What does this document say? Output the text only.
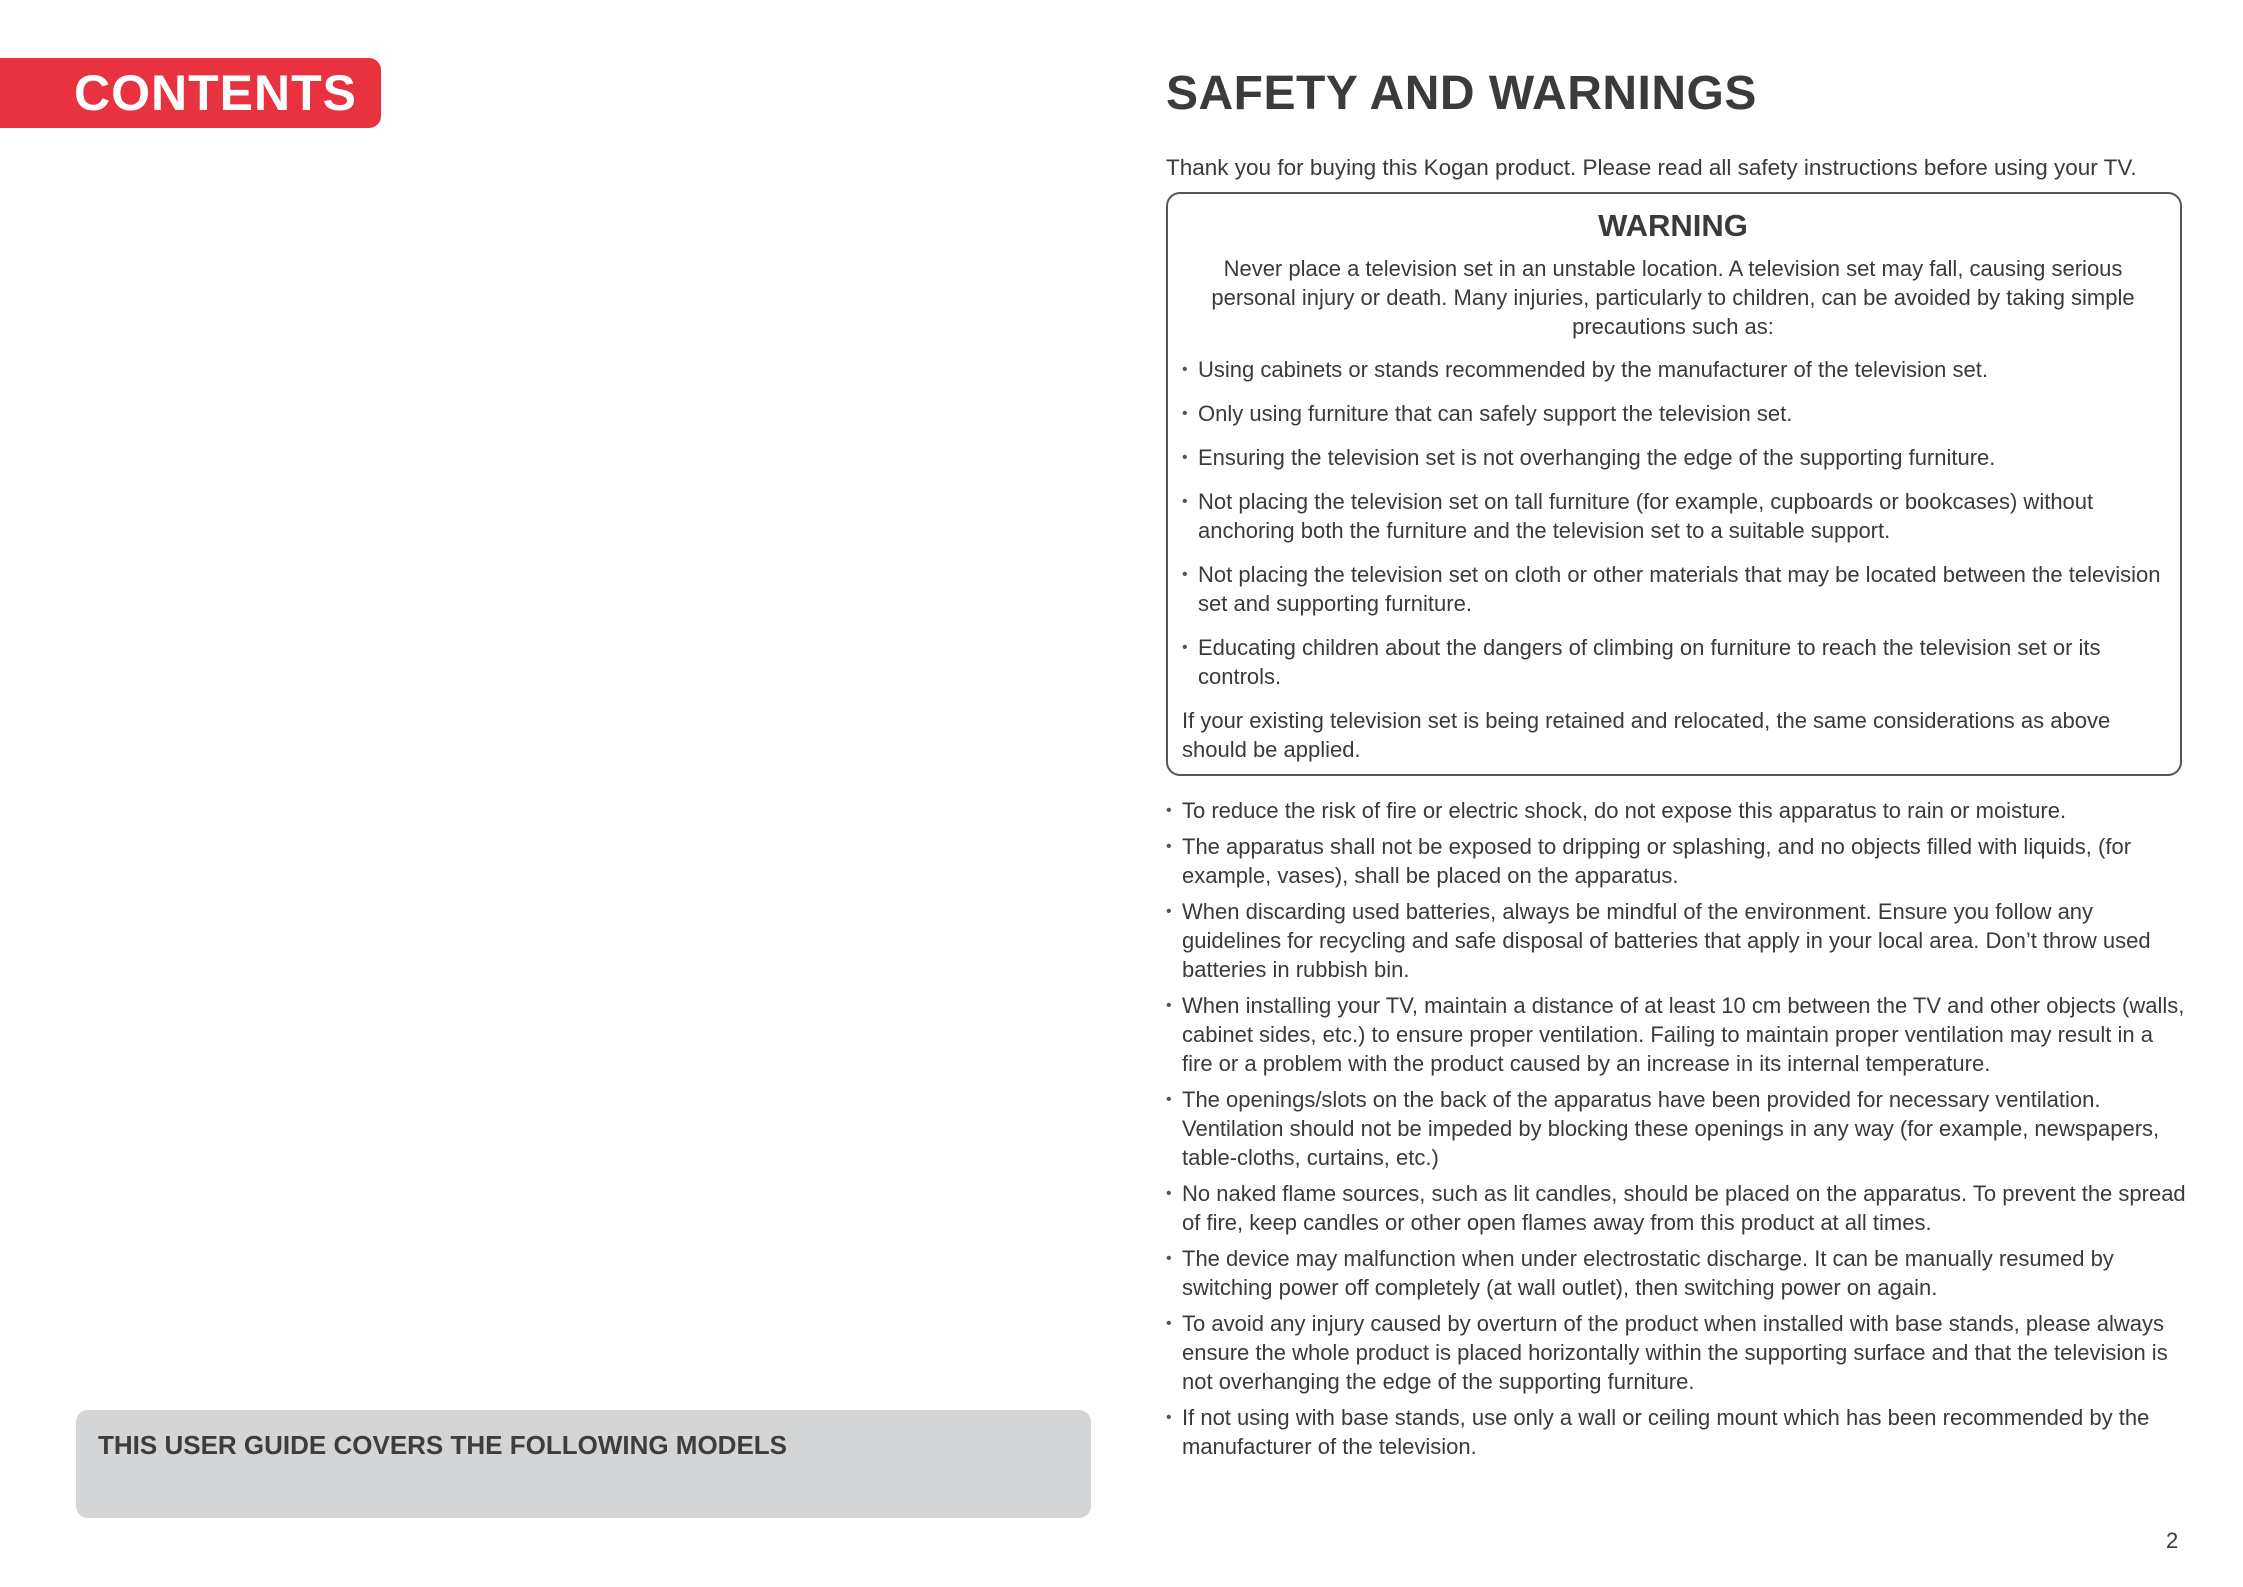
CONTENTS
THIS USER GUIDE COVERS THE FOLLOWING MODELS
SAFETY AND WARNINGS
Thank you for buying this Kogan product. Please read all safety instructions before using your TV.
WARNING

Never place a television set in an unstable location. A television set may fall, causing serious personal injury or death. Many injuries, particularly to children, can be avoided by taking simple precautions such as:

• Using cabinets or stands recommended by the manufacturer of the television set.
• Only using furniture that can safely support the television set.
• Ensuring the television set is not overhanging the edge of the supporting furniture.
• Not placing the television set on tall furniture (for example, cupboards or bookcases) without anchoring both the furniture and the television set to a suitable support.
• Not placing the television set on cloth or other materials that may be located between the television set and supporting furniture.
• Educating children about the dangers of climbing on furniture to reach the television set or its controls.

If your existing television set is being retained and relocated, the same considerations as above should be applied.

• To reduce the risk of fire or electric shock, do not expose this apparatus to rain or moisture.
• The apparatus shall not be exposed to dripping or splashing, and no objects filled with liquids, (for example, vases), shall be placed on the apparatus.
• When discarding used batteries, always be mindful of the environment. Ensure you follow any guidelines for recycling and safe disposal of batteries that apply in your local area. Don’t throw used batteries in rubbish bin.
• When installing your TV, maintain a distance of at least 10 cm between the TV and other objects (walls, cabinet sides, etc.) to ensure proper ventilation. Failing to maintain proper ventilation may result in a fire or a problem with the product caused by an increase in its internal temperature.
• The openings/slots on the back of the apparatus have been provided for necessary ventilation. Ventilation should not be impeded by blocking these openings in any way (for example, newspapers, table-cloths, curtains, etc.)
• No naked flame sources, such as lit candles, should be placed on the apparatus. To prevent the spread of fire, keep candles or other open flames away from this product at all times.
• The device may malfunction when under electrostatic discharge. It can be manually resumed by switching power off completely (at wall outlet), then switching power on again.
• To avoid any injury caused by overturn of the product when installed with base stands, please always ensure the whole product is placed horizontally within the supporting surface and that the television is not overhanging the edge of the supporting furniture.
• If not using with base stands, use only a wall or ceiling mount which has been recommended by the manufacturer of the television.
2
